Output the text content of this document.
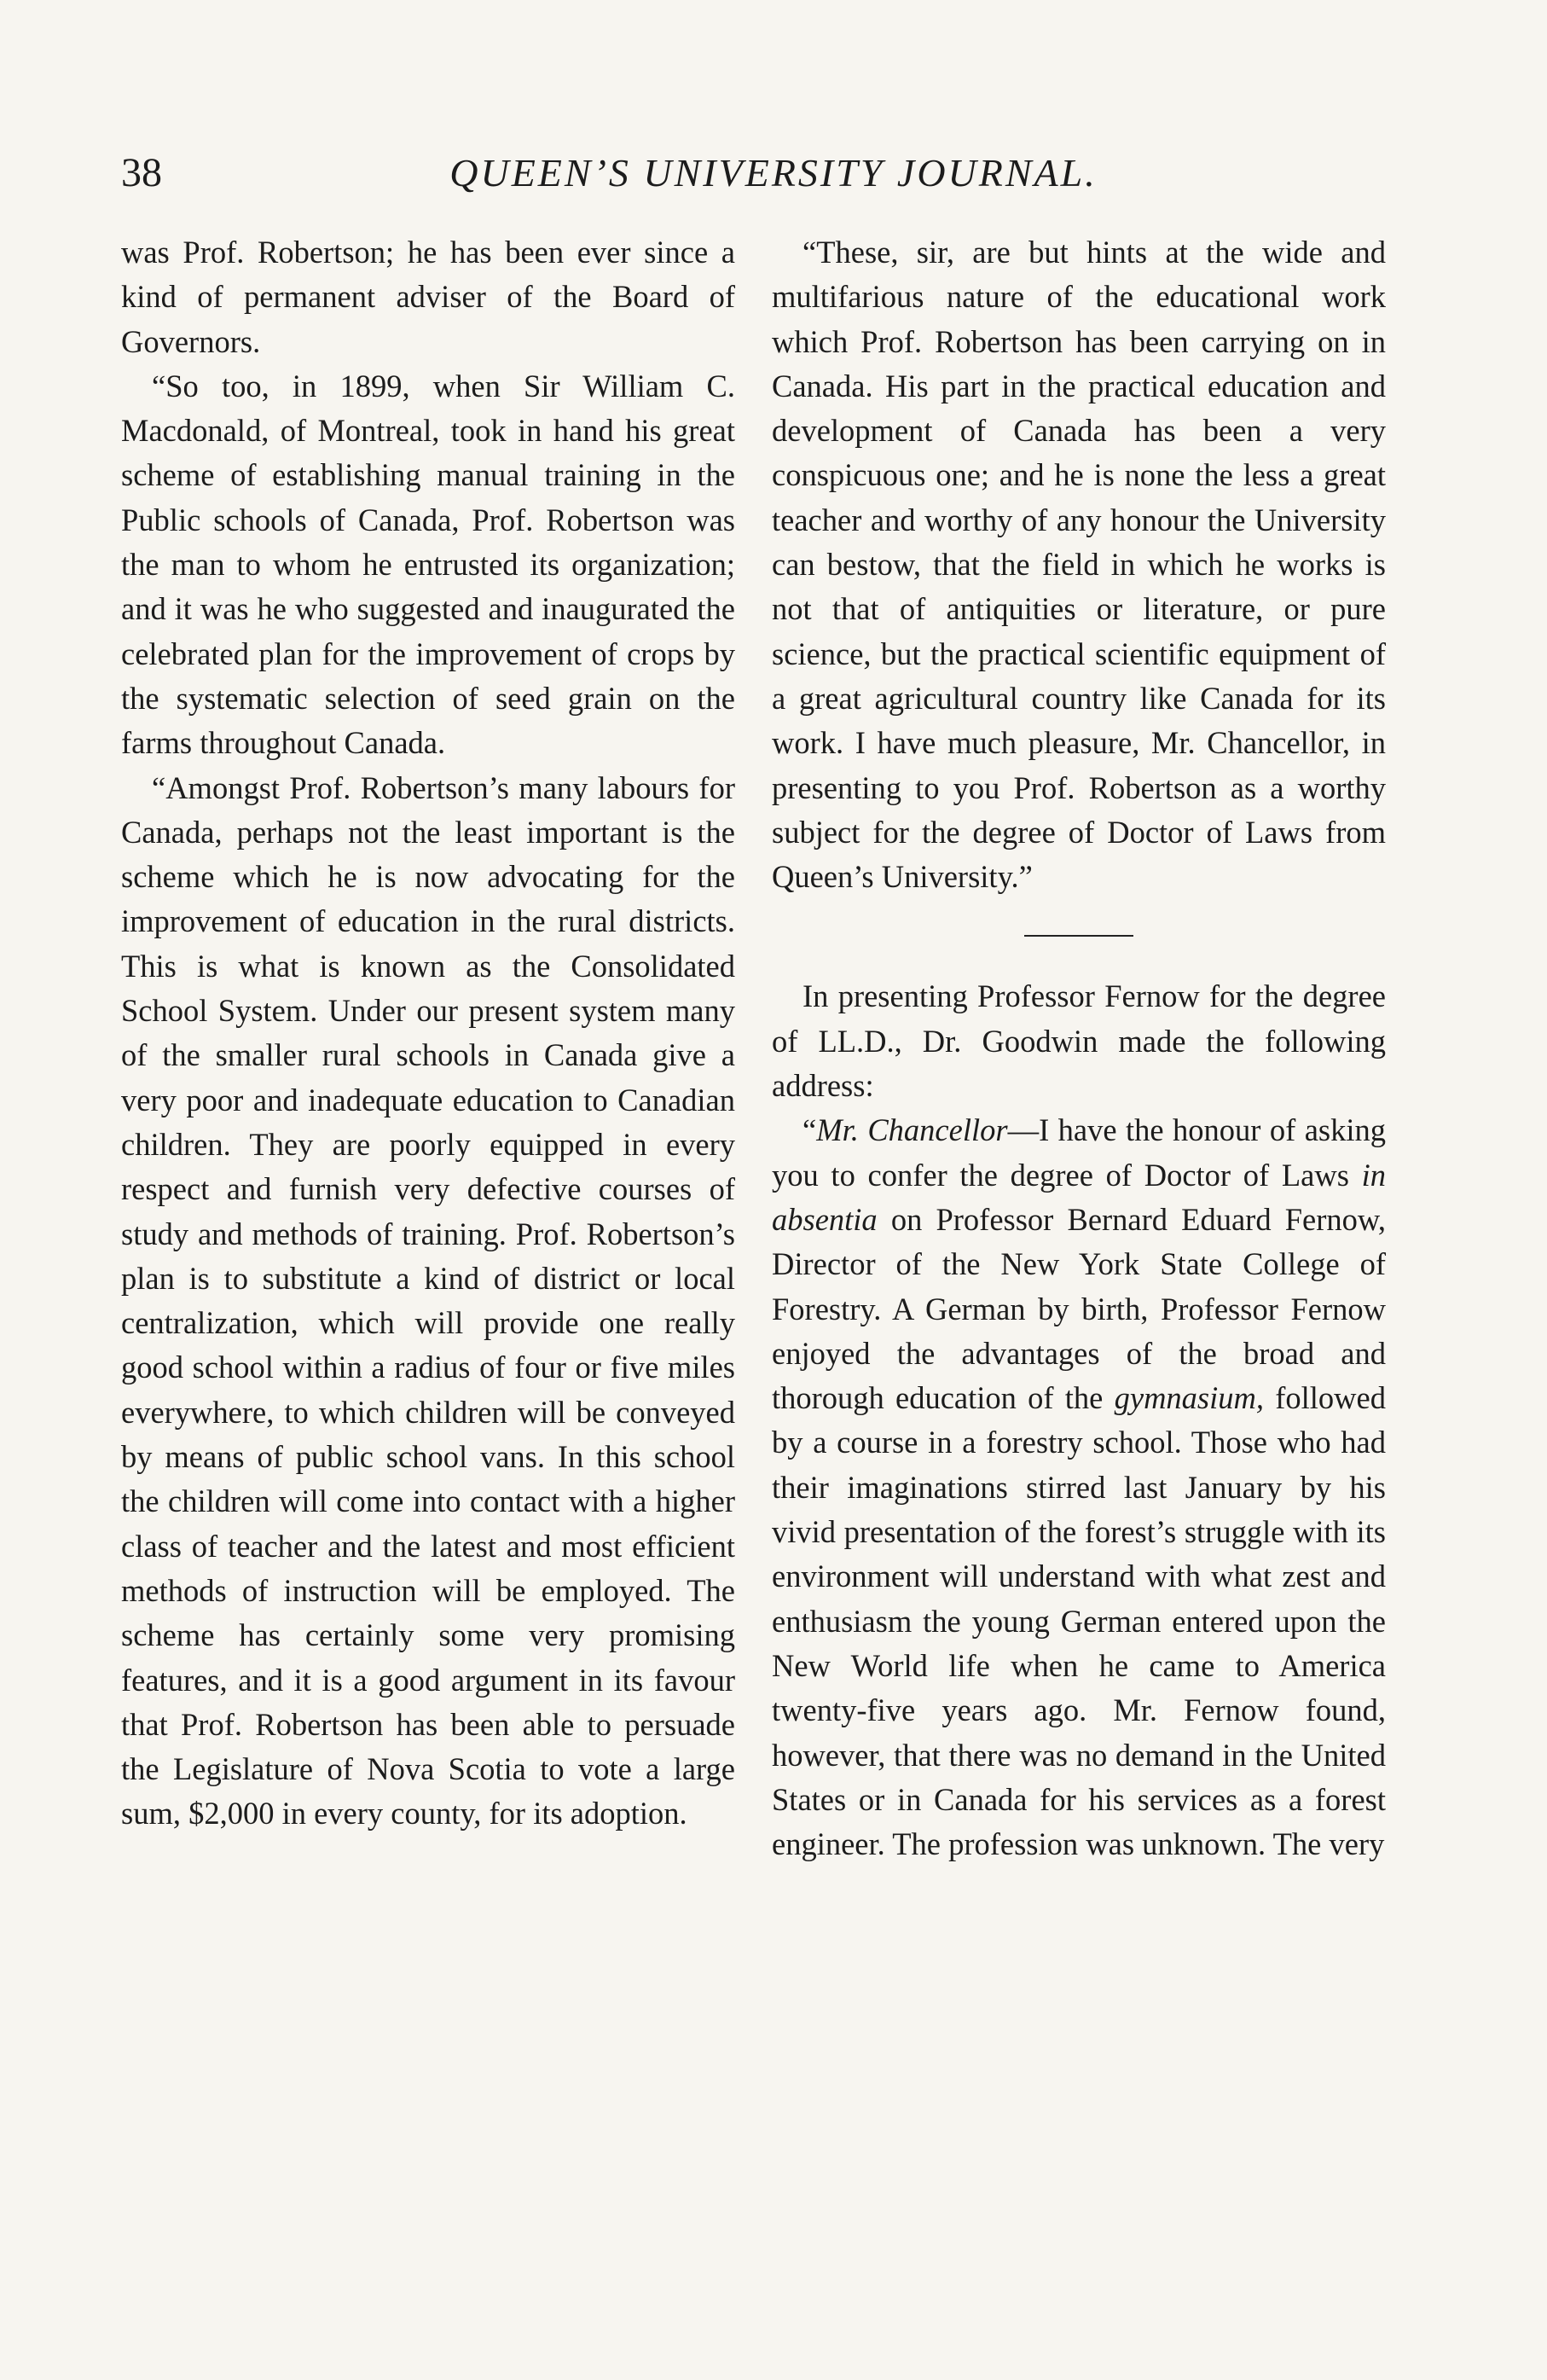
38	QUEEN’S UNIVERSITY JOURNAL.

was Prof. Robertson; he has been ever since a kind of permanent adviser of the Board of Governors.

“So too, in 1899, when Sir William C. Macdonald, of Montreal, took in hand his great scheme of establishing manual training in the Public schools of Canada, Prof. Robertson was the man to whom he entrusted its organization; and it was he who suggested and inaugurated the celebrated plan for the improvement of crops by the systematic selection of seed grain on the farms throughout Canada.

“Amongst Prof. Robertson’s many labours for Canada, perhaps not the least important is the scheme which he is now advocating for the improvement of education in the rural districts. This is what is known as the Consolidated School System. Under our present system many of the smaller rural schools in Canada give a very poor and inadequate education to Canadian children. They are poorly equipped in every respect and furnish very defective courses of study and methods of training. Prof. Robertson’s plan is to substitute a kind of district or local centralization, which will provide one really good school within a radius of four or five miles everywhere, to which children will be conveyed by means of public school vans. In this school the children will come into contact with a higher class of teacher and the latest and most efficient methods of instruction will be employed. The scheme has certainly some very promising features, and it is a good argument in its favour that Prof. Robertson has been able to persuade the Legislature of Nova Scotia to vote a large sum, $2,000 in every county, for its adoption.

“These, sir, are but hints at the wide and multifarious nature of the educational work which Prof. Robertson has been carrying on in Canada. His part in the practical education and development of Canada has been a very conspicuous one; and he is none the less a great teacher and worthy of any honour the University can bestow, that the field in which he works is not that of antiquities or literature, or pure science, but the practical scientific equipment of a great agricultural country like Canada for its work. I have much pleasure, Mr. Chancellor, in presenting to you Prof. Robertson as a worthy subject for the degree of Doctor of Laws from Queen’s University.”

In presenting Professor Fernow for the degree of LL.D., Dr. Goodwin made the following address:

“Mr. Chancellor—I have the honour of asking you to confer the degree of Doctor of Laws in absentia on Professor Bernard Eduard Fernow, Director of the New York State College of Forestry. A German by birth, Professor Fernow enjoyed the advantages of the broad and thorough education of the gymnasium, followed by a course in a forestry school. Those who had their imaginations stirred last January by his vivid presentation of the forest’s struggle with its environment will understand with what zest and enthusiasm the young German entered upon the New World life when he came to America twenty-five years ago. Mr. Fernow found, however, that there was no demand in the United States or in Canada for his services as a forest engineer. The profession was unknown. The very
